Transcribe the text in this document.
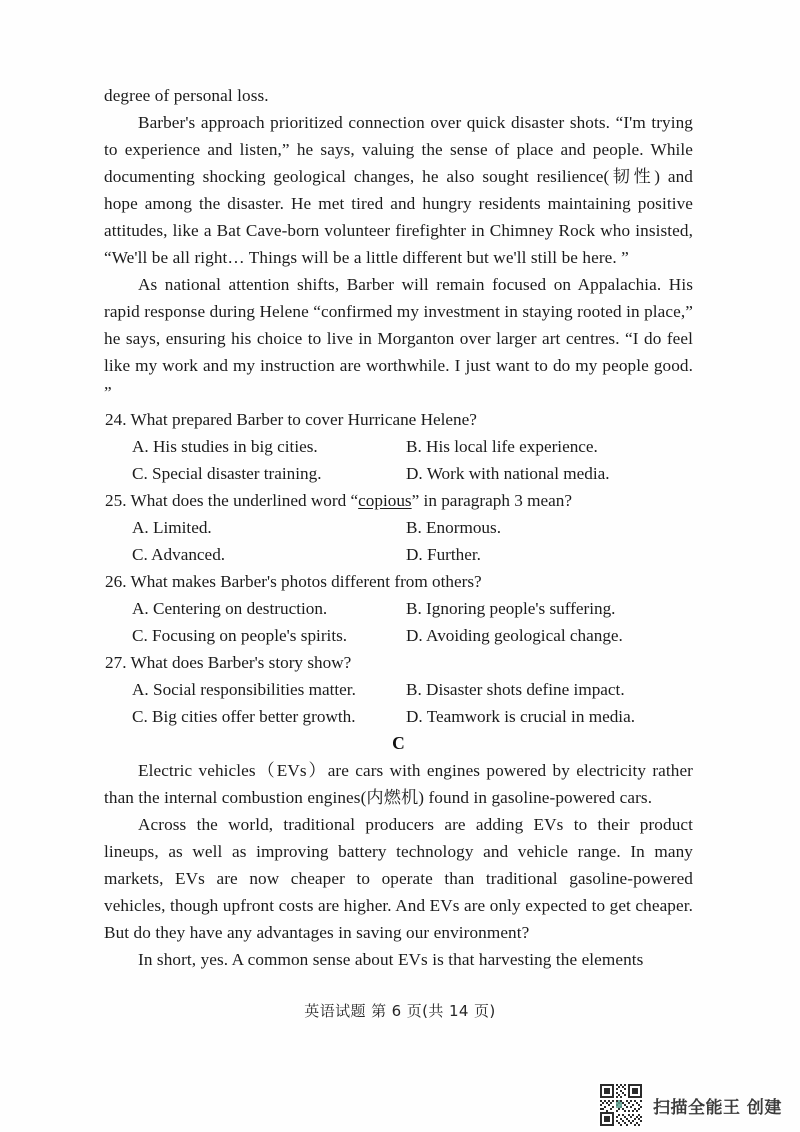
degree of personal loss.

Barber's approach prioritized connection over quick disaster shots. “I'm trying to experience and listen,” he says, valuing the sense of place and people. While documenting shocking geological changes, he also sought resilience(韧性) and hope among the disaster. He met tired and hungry residents maintaining positive attitudes, like a Bat Cave-born volunteer firefighter in Chimney Rock who insisted, “We'll be all right… Things will be a little different but we'll still be here. ”

As national attention shifts, Barber will remain focused on Appalachia. His rapid response during Helene “confirmed my investment in staying rooted in place,” he says, ensuring his choice to live in Morganton over larger art centres. “I do feel like my work and my instruction are worthwhile. I just want to do my people good. ”

24. What prepared Barber to cover Hurricane Helene?
A. His studies in big cities.	B. His local life experience.
C. Special disaster training.	D. Work with national media.
25. What does the underlined word “copious” in paragraph 3 mean?
A. Limited.	B. Enormous.
C. Advanced.	D. Further.
26. What makes Barber's photos different from others?
A. Centering on destruction.	B. Ignoring people's suffering.
C. Focusing on people's spirits.	D. Avoiding geological change.
27. What does Barber's story show?
A. Social responsibilities matter.	B. Disaster shots define impact.
C. Big cities offer better growth.	D. Teamwork is crucial in media.
C

Electric vehicles（EVs）are cars with engines powered by electricity rather than the internal combustion engines(内燃机) found in gasoline-powered cars.

Across the world, traditional producers are adding EVs to their product lineups, as well as improving battery technology and vehicle range. In many markets, EVs are now cheaper to operate than traditional gasoline-powered vehicles, though upfront costs are higher. And EVs are only expected to get cheaper. But do they have any advantages in saving our environment?

In short, yes. A common sense about EVs is that harvesting the elements

英语试题 第 6 页(共 14 页)
扫描全能王 创建
